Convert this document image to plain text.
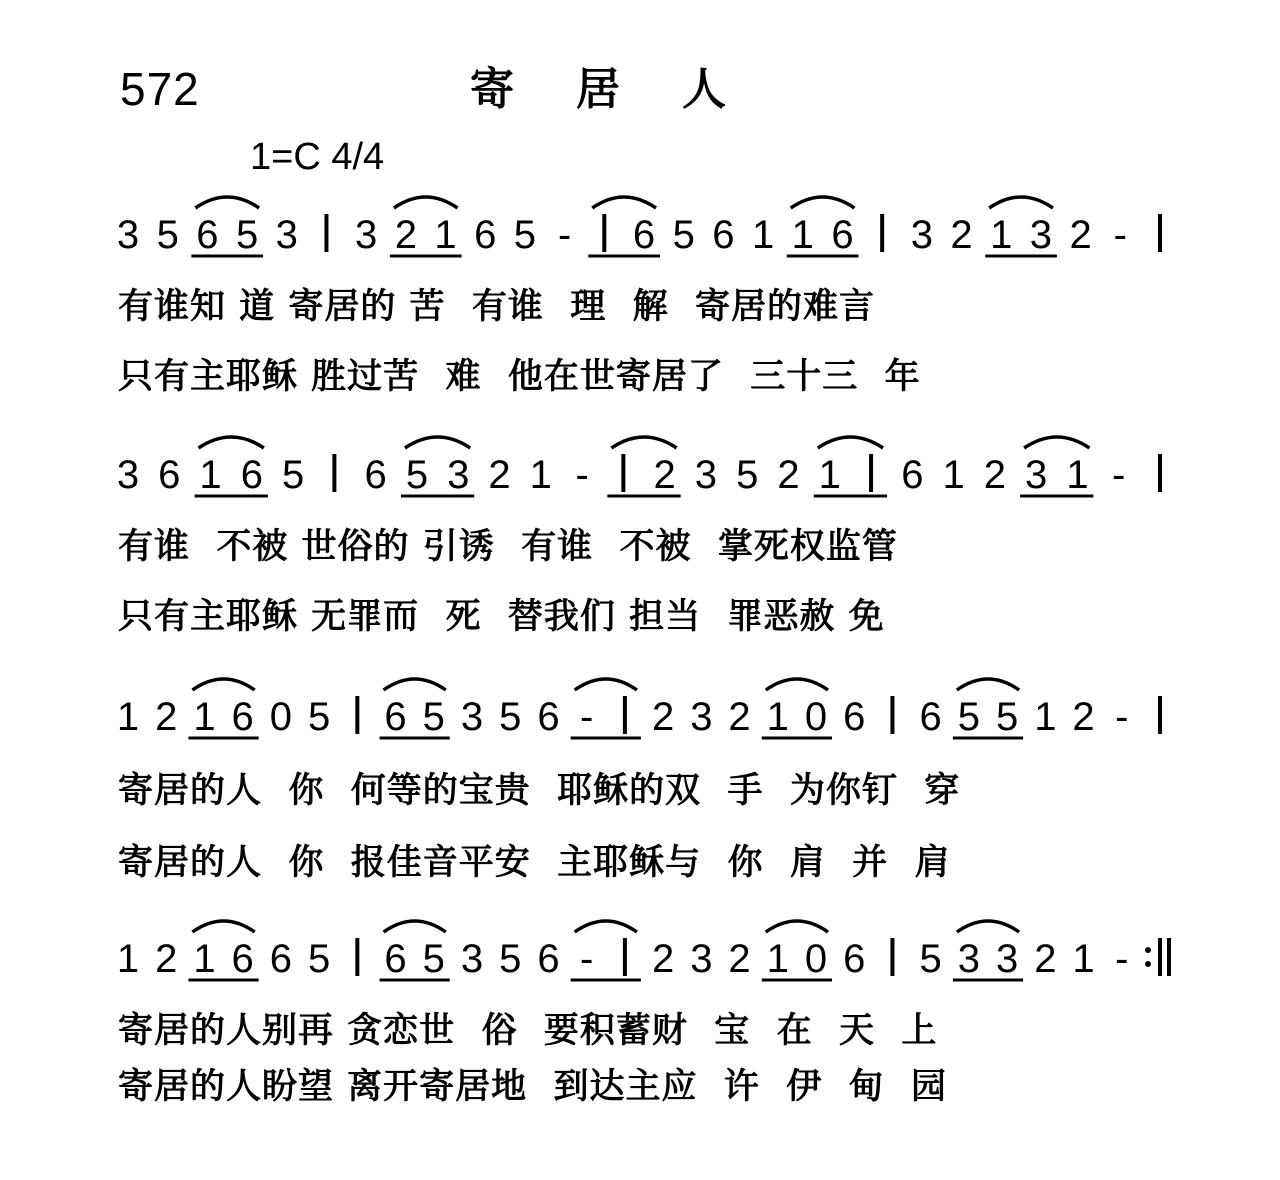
572	寄居人
1=C 4/4
3 5 6 5 3 3 2 1 6 5 - 6 5 6 1 1 6 3 2 1 3 2 -
3 6 1 6 5 6 5 3 2 1 - 2 3 5 2 1 6 1 2 3 1 -
1 2 1 6 0 5 6 5 3 5 6 - 2 3 2 1 0 6 6 5 5 1 2 -
1 2 1 6 6 5 6 5 3 5 6 - 2 3 2 1 0 6 5 3 3 2 1 -
有谁知 道 寄居的 苦  有谁  理  解  寄居的难言
只有主耶稣 胜过苦  难  他在世寄居了  三十三  年
有谁  不被 世俗的 引诱  有谁  不被  掌死权监管
只有主耶稣 无罪而  死  替我们 担当  罪恶赦 免
寄居的人  你  何等的宝贵  耶稣的双  手  为你钉  穿
寄居的人  你  报佳音平安  主耶稣与  你  肩  并  肩
寄居的人别再 贪恋世  俗  要积蓄财  宝  在  天  上
寄居的人盼望 离开寄居地  到达主应  许  伊  甸  园
